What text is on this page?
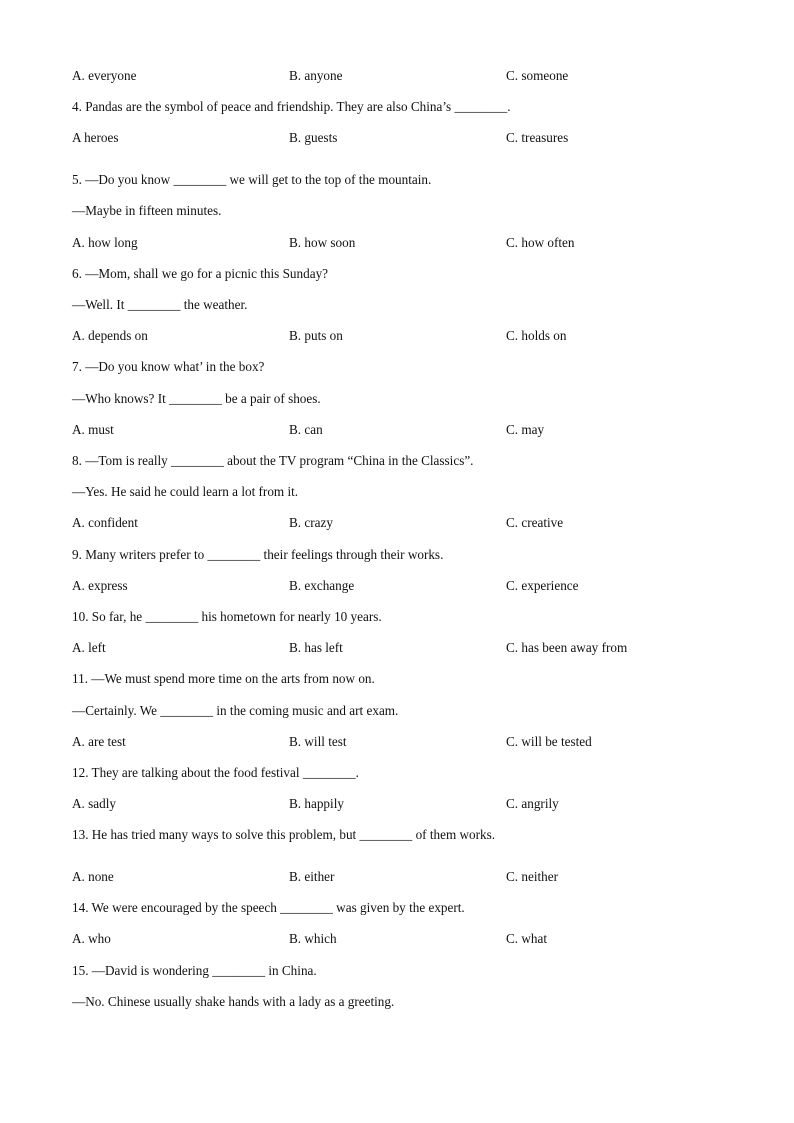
A. everyone	B. anyone	C. someone
4. Pandas are the symbol of peace and friendship. They are also China’s ________.
A heroes	B. guests	C. treasures
5. —Do you know ________ we will get to the top of the mountain.
—Maybe in fifteen minutes.
A. how long	B. how soon	C. how often
6. —Mom, shall we go for a picnic this Sunday?
—Well. It ________ the weather.
A. depends on	B. puts on	C. holds on
7. —Do you know what’ in the box?
—Who knows? It ________ be a pair of shoes.
A. must	B. can	C. may
8. —Tom is really ________ about the TV program “China in the Classics”.
—Yes. He said he could learn a lot from it.
A. confident	B. crazy	C. creative
9. Many writers prefer to ________ their feelings through their works.
A. express	B. exchange	C. experience
10. So far, he ________ his hometown for nearly 10 years.
A. left	B. has left	C. has been away from
11. —We must spend more time on the arts from now on.
—Certainly. We ________ in the coming music and art exam.
A. are test	B. will test	C. will be tested
12. They are talking about the food festival ________.
A. sadly	B. happily	C. angrily
13. He has tried many ways to solve this problem, but ________ of them works.
A. none	B. either	C. neither
14. We were encouraged by the speech ________ was given by the expert.
A. who	B. which	C. what
15. —David is wondering ________ in China.
—No. Chinese usually shake hands with a lady as a greeting.
